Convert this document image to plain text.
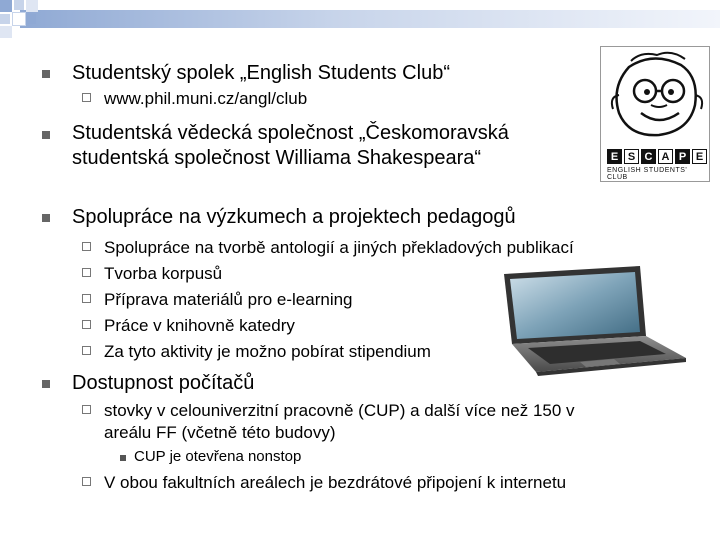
Studentský spolek „English Students Club“
www.phil.muni.cz/angl/club
Studentská vědecká společnost „Českomoravská
studentská společnost Williama Shakespeara“
Spolupráce na výzkumech a projektech pedagogů
Spolupráce na tvorbě antologií a jiných překladových publikací
Tvorba korpusů
Příprava materiálů pro e-learning
Práce v knihovně katedry
Za tyto aktivity je možno pobírat stipendium
Dostupnost počítačů
stovky v celouniverzitní pracovně (CUP) a další více než 150 v
areálu FF (včetně této budovy)
CUP je otevřena nonstop
V obou fakultních areálech je bezdrátové připojení k internetu
E S C A P E
ENGLISH STUDENTS' CLUB
